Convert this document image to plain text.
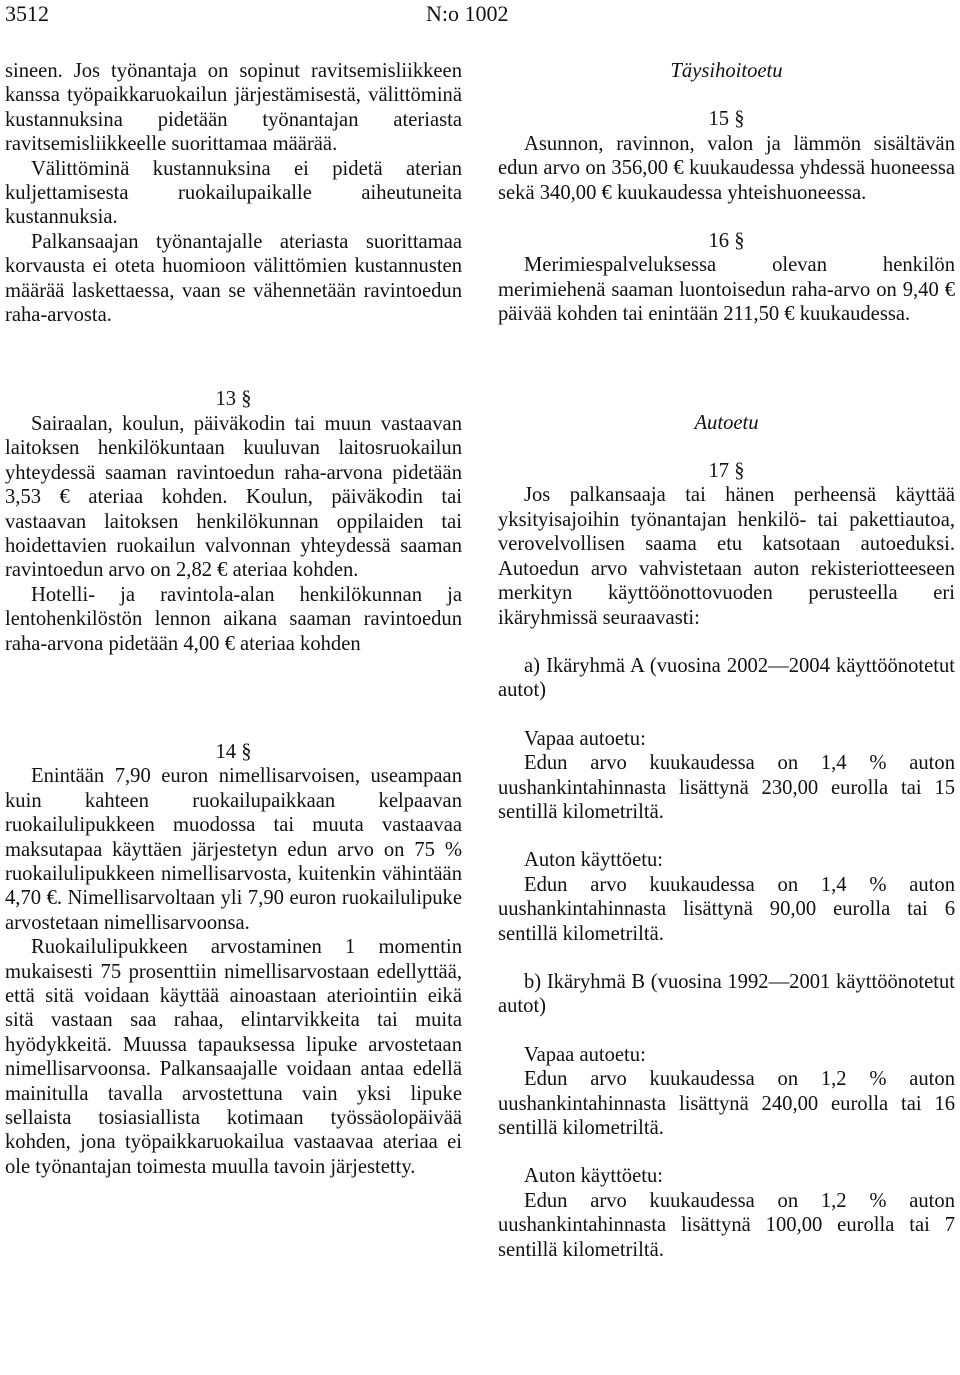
3512	N:o 1002

sineen. Jos työnantaja on sopinut ravitsemisliikkeen kanssa työpaikkaruokailun järjestämisestä, välittöminä kustannuksina pidetään työnantajan ateriasta ravitsemisliikkeelle suorittamaa määrää.

Välittöminä kustannuksina ei pidetä aterian kuljettamisesta ruokailupaikalle aiheutuneita kustannuksia.

Palkansaajan työnantajalle ateriasta suorittamaa korvausta ei oteta huomioon välittömien kustannusten määrää laskettaessa, vaan se vähennetään ravintoedun raha-arvosta.

13 §

Sairaalan, koulun, päiväkodin tai muun vastaavan laitoksen henkilökuntaan kuuluvan laitosruokailun yhteydessä saaman ravintoedun raha-arvona pidetään 3,53 € ateriaa kohden. Koulun, päiväkodin tai vastaavan laitoksen henkilökunnan oppilaiden tai hoidettavien ruokailun valvonnan yhteydessä saaman ravintoedun arvo on 2,82 € ateriaa kohden.

Hotelli- ja ravintola-alan henkilökunnan ja lentohenkilöstön lennon aikana saaman ravintoedun raha-arvona pidetään 4,00 € ateriaa kohden

14 §

Enintään 7,90 euron nimellisarvoisen, useampaan kuin kahteen ruokailupaikkaan kelpaavan ruokailulipukkeen muodossa tai muuta vastaavaa maksutapaa käyttäen järjestetyn edun arvo on 75 % ruokailulipukkeen nimellisarvosta, kuitenkin vähintään 4,70 €. Nimellisarvoltaan yli 7,90 euron ruokailulipuke arvostetaan nimellisarvoonsa.

Ruokailulipukkeen arvostaminen 1 momentin mukaisesti 75 prosenttiin nimellisarvostaan edellyttää, että sitä voidaan käyttää ainoastaan ateriointiin eikä sitä vastaan saa rahaa, elintarvikkeita tai muita hyödykkeitä. Muussa tapauksessa lipuke arvostetaan nimellisarvoonsa. Palkansaajalle voidaan antaa edellä mainitulla tavalla arvostettuna vain yksi lipuke sellaista tosiasiallista kotimaan työssäolopäivää kohden, jona työpaikkaruokailua vastaavaa ateriaa ei ole työnantajan toimesta muulla tavoin järjestetty.

Täysihoitoetu
15 §

Asunnon, ravinnon, valon ja lämmön sisältävän edun arvo on 356,00 € kuukaudessa yhdessä huoneessa sekä 340,00 € kuukaudessa yhteishuoneessa.

16 §

Merimiespalveluksessa olevan henkilön merimiehenä saaman luontoisedun raha-arvo on 9,40 € päivää kohden tai enintään 211,50 € kuukaudessa.

Autoetu
17 §

Jos palkansaaja tai hänen perheensä käyttää yksityisajoihin työnantajan henkilö- tai pakettiautoa, verovelvollisen saama etu katsotaan autoeduksi. Autoedun arvo vahvistetaan auton rekisteriotteeseen merkityn käyttöönottovuoden perusteella eri ikäryhmissä seuraavasti:

a) Ikäryhmä A (vuosina 2002—2004 käyttöönotetut autot)

Vapaa autoetu:

Edun arvo kuukaudessa on 1,4 % auton uushankintahinnasta lisättynä 230,00 eurolla tai 15 sentillä kilometriltä.

Auton käyttöetu:

Edun arvo kuukaudessa on 1,4 % auton uushankintahinnasta lisättynä 90,00 eurolla tai 6 sentillä kilometriltä.

b) Ikäryhmä B (vuosina 1992—2001 käyttöönotetut autot)

Vapaa autoetu:

Edun arvo kuukaudessa on 1,2 % auton uushankintahinnasta lisättynä 240,00 eurolla tai 16 sentillä kilometriltä.

Auton käyttöetu:

Edun arvo kuukaudessa on 1,2 % auton uushankintahinnasta lisättynä 100,00 eurolla tai 7 sentillä kilometriltä.
